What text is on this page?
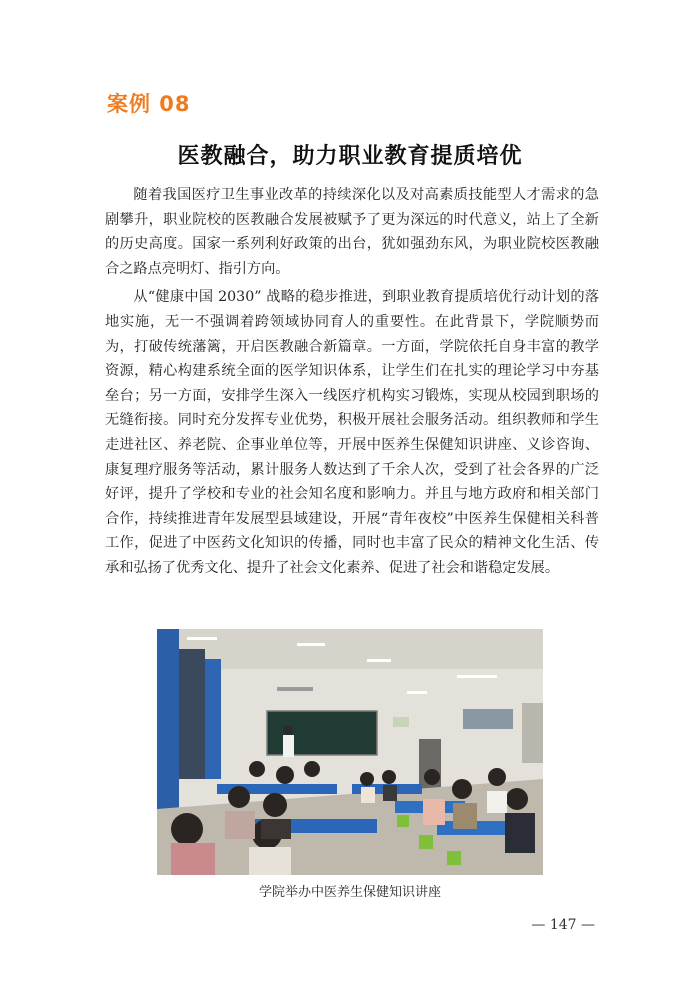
案例 08
医教融合，助力职业教育提质培优

随着我国医疗卫生事业改革的持续深化以及对高素质技能型人才需求的急剧攀升，职业院校的医教融合发展被赋予了更为深远的时代意义，站上了全新的历史高度。国家一系列利好政策的出台，犹如强劲东风，为职业院校医教融合之路点亮明灯、指引方向。

从“健康中国 2030” 战略的稳步推进，到职业教育提质培优行动计划的落地实施，无一不强调着跨领域协同育人的重要性。在此背景下，学院顺势而为，打破传统藩篱，开启医教融合新篇章。一方面，学院依托自身丰富的教学资源，精心构建系统全面的医学知识体系，让学生们在扎实的理论学习中夯基垒台；另一方面，安排学生深入一线医疗机构实习锻炼，实现从校园到职场的无缝衔接。同时充分发挥专业优势，积极开展社会服务活动。组织教师和学生走进社区、养老院、企事业单位等，开展中医养生保健知识讲座、义诊咨询、康复理疗服务等活动，累计服务人数达到了千余人次，受到了社会各界的广泛好评，提升了学校和专业的社会知名度和影响力。并且与地方政府和相关部门合作，持续推进青年发展型县域建设，开展“青年夜校”中医养生保健相关科普工作，促进了中医药文化知识的传播，同时也丰富了民众的精神文化生活、传承和弘扬了优秀文化、提升了社会文化素养、促进了社会和谐稳定发展。

学院举办中医养生保健知识讲座
— 147 —
